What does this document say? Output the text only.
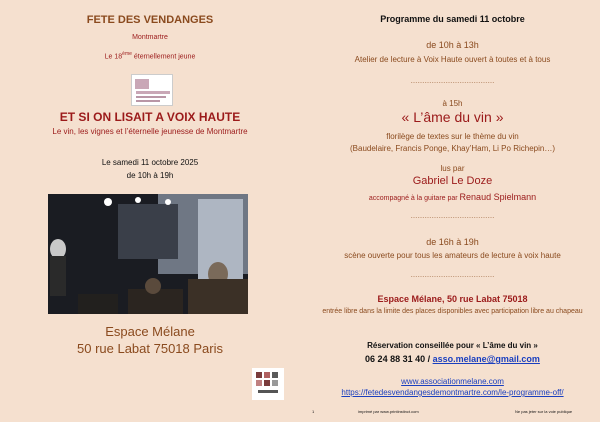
FETE DES VENDANGES
Montmartre
Le 18ème éternellement jeune
ET SI ON LISAIT A VOIX HAUTE
Le vin, les vignes et l’éternelle jeunesse de Montmartre
Le samedi 11 octobre 2025
de 10h à 19h
Espace Mélane
50 rue Labat 75018 Paris
Programme du samedi 11 octobre
de 10h à 13h
Atelier de lecture à Voix Haute ouvert à toutes et à tous
………………………………
à 15h
« L’âme du vin »
florilège de textes sur le thème du vin
(Baudelaire, Francis Ponge, Khay’Ham, Li Po Richepin…)
lus par
Gabriel Le Doze
accompagné à la guitare par Renaud Spielmann
………………………………
de 16h à 19h
scène ouverte pour tous les amateurs de lecture à voix haute
………………………………
Espace Mélane, 50 rue Labat 75018
entrée libre dans la limite des places disponibles avec participation libre au chapeau
Réservation conseillée pour « L’âme du vin »
06 24 88 31 40 / asso.melane@gmail.com
www.associationmelane.com
https://fetedesvendangesdemontmartre.com/le-programme-off/
1	imprimé par www.printinstinct.com	Ne pas jeter sur la voie publique
